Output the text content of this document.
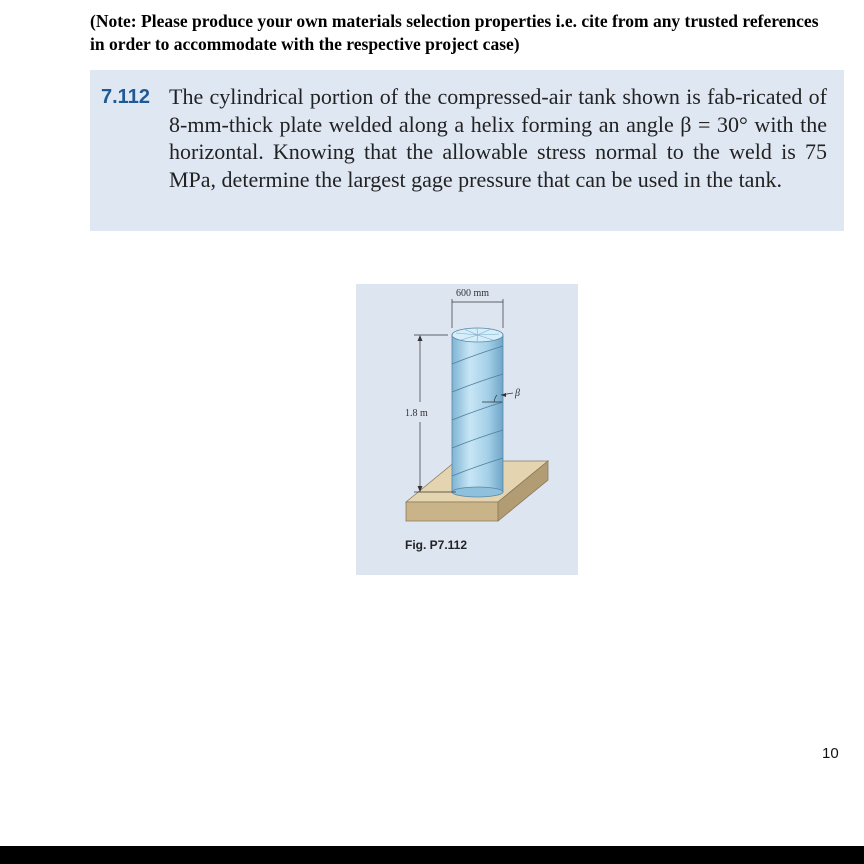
(Note: Please produce your own materials selection properties i.e. cite from any trusted references in order to accommodate with the respective project case)
7.112 The cylindrical portion of the compressed-air tank shown is fab-ricated of 8-mm-thick plate welded along a helix forming an angle β = 30° with the horizontal. Knowing that the allowable stress normal to the weld is 75 MPa, determine the largest gage pressure that can be used in the tank.
β
600 mm
1.8 m
Fig. P7.112
10
